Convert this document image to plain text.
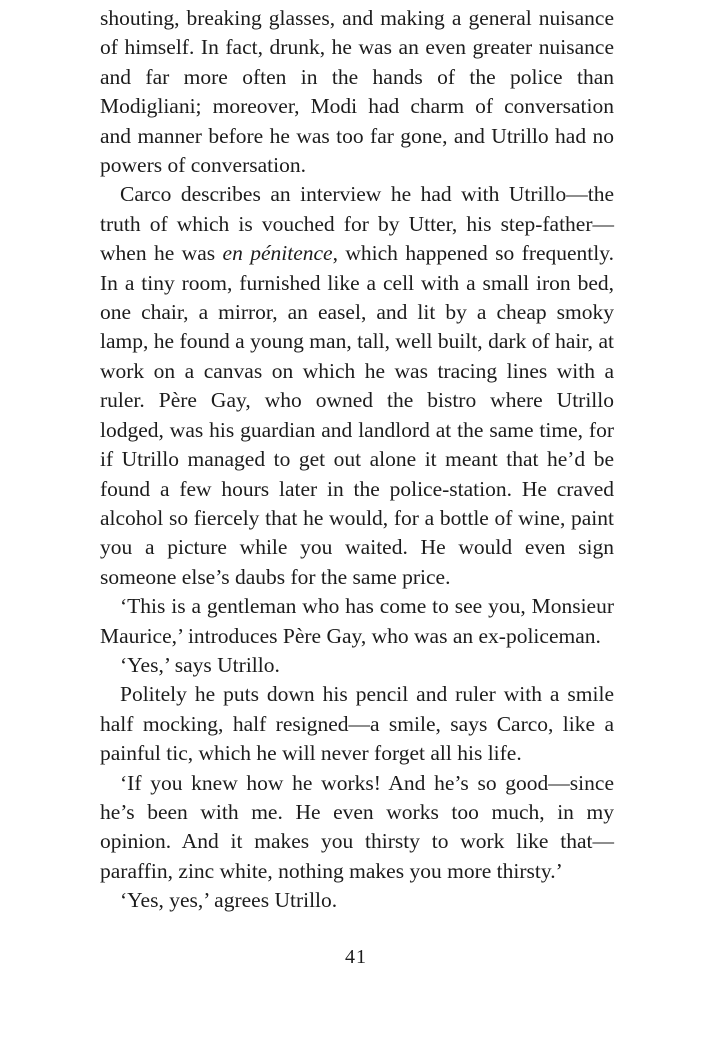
shouting, breaking glasses, and making a general nuisance of himself. In fact, drunk, he was an even greater nuisance and far more often in the hands of the police than Modigliani; moreover, Modi had charm of conversation and manner before he was too far gone, and Utrillo had no powers of conversation.

Carco describes an interview he had with Utrillo—the truth of which is vouched for by Utter, his step-father—when he was en pénitence, which happened so frequently. In a tiny room, furnished like a cell with a small iron bed, one chair, a mirror, an easel, and lit by a cheap smoky lamp, he found a young man, tall, well built, dark of hair, at work on a canvas on which he was tracing lines with a ruler. Père Gay, who owned the bistro where Utrillo lodged, was his guardian and landlord at the same time, for if Utrillo managed to get out alone it meant that he’d be found a few hours later in the police-station. He craved alcohol so fiercely that he would, for a bottle of wine, paint you a picture while you waited. He would even sign someone else’s daubs for the same price.

‘This is a gentleman who has come to see you, Monsieur Maurice,’ introduces Père Gay, who was an ex-policeman.

‘Yes,’ says Utrillo.

Politely he puts down his pencil and ruler with a smile half mocking, half resigned—a smile, says Carco, like a painful tic, which he will never forget all his life.

‘If you knew how he works! And he’s so good—since he’s been with me. He even works too much, in my opinion. And it makes you thirsty to work like that—paraffin, zinc white, nothing makes you more thirsty.’

‘Yes, yes,’ agrees Utrillo.

41
